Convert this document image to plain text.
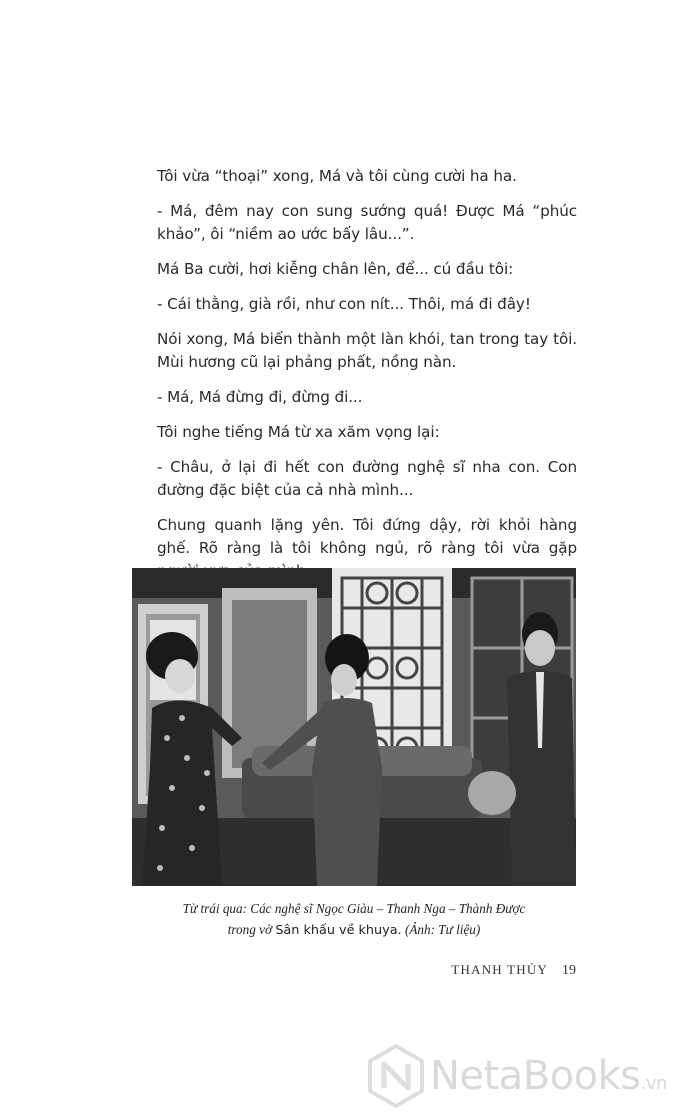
Tôi vừa “thoại” xong, Má và tôi cùng cười ha ha.

- Má, đêm nay con sung sướng quá! Được Má “phúc khảo”, ôi “niềm ao ước bấy lâu...”.

Má Ba cười, hơi kiễng chân lên, để... cú đầu tôi:

- Cái thằng, già rồi, như con nít... Thôi, má đi đây!

Nói xong, Má biến thành một làn khói, tan trong tay tôi. Mùi hương cũ lại phảng phất, nồng nàn.

- Má, Má đừng đi, đừng đi...

Tôi nghe tiếng Má từ xa xăm vọng lại:

- Châu, ở lại đi hết con đường nghệ sĩ nha con. Con đường đặc biệt của cả nhà mình...

Chung quanh lặng yên. Tôi đứng dậy, rời khỏi hàng ghế. Rõ ràng là tôi không ngủ, rõ ràng tôi vừa gặp

Từ trái qua: Các nghệ sĩ Ngọc Giàu – Thanh Nga – Thành Được
trong vở Sân khấu về khuya. (Ảnh: Tư liệu)
THANH THỦY 19
NetaBooks.vn
